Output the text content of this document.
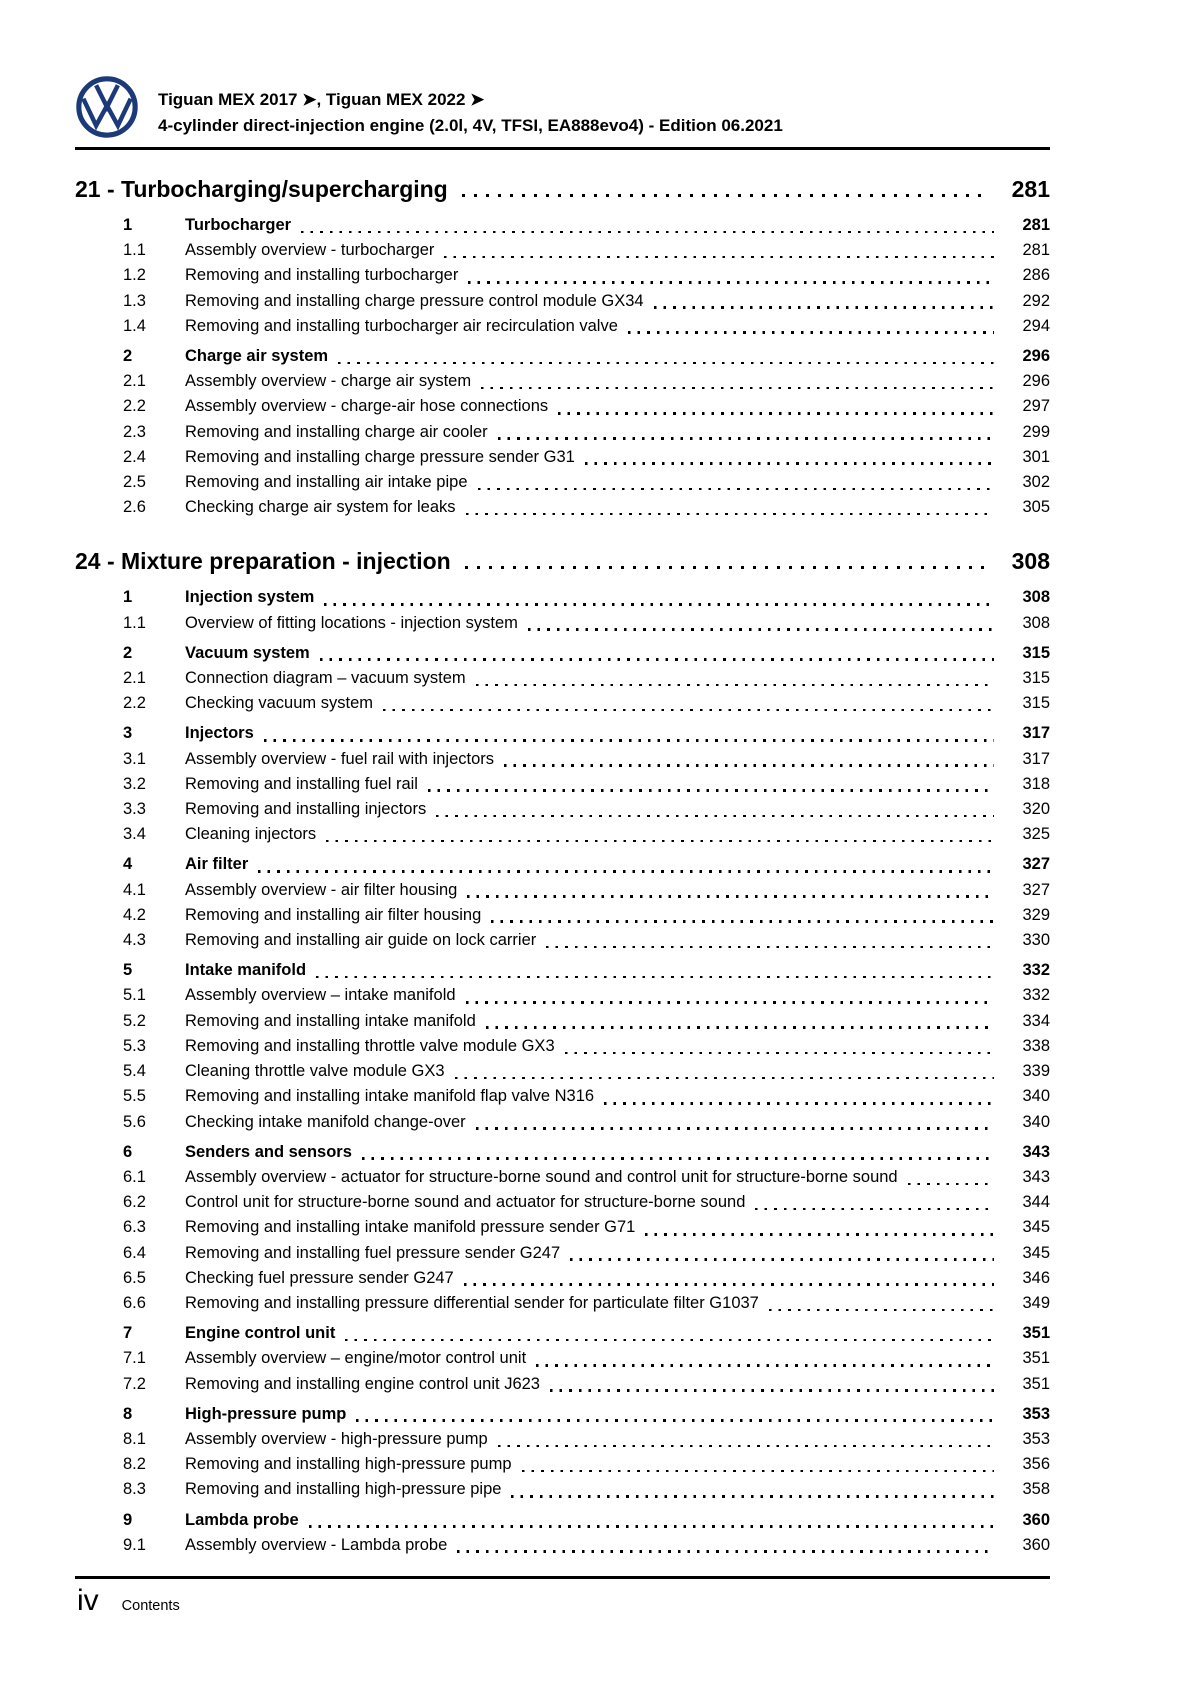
Tiguan MEX 2017 ➤, Tiguan MEX 2022 ➤
4-cylinder direct-injection engine (2.0l, 4V, TFSI, EA888evo4) - Edition 06.2021
21 - Turbocharging/supercharging	281
1	Turbocharger	281
1.1	Assembly overview - turbocharger	281
1.2	Removing and installing turbocharger	286
1.3	Removing and installing charge pressure control module GX34	292
1.4	Removing and installing turbocharger air recirculation valve	294
2	Charge air system	296
2.1	Assembly overview - charge air system	296
2.2	Assembly overview - charge-air hose connections	297
2.3	Removing and installing charge air cooler	299
2.4	Removing and installing charge pressure sender G31	301
2.5	Removing and installing air intake pipe	302
2.6	Checking charge air system for leaks	305
24 - Mixture preparation - injection	308
1	Injection system	308
1.1	Overview of fitting locations - injection system	308
2	Vacuum system	315
2.1	Connection diagram – vacuum system	315
2.2	Checking vacuum system	315
3	Injectors	317
3.1	Assembly overview - fuel rail with injectors	317
3.2	Removing and installing fuel rail	318
3.3	Removing and installing injectors	320
3.4	Cleaning injectors	325
4	Air filter	327
4.1	Assembly overview - air filter housing	327
4.2	Removing and installing air filter housing	329
4.3	Removing and installing air guide on lock carrier	330
5	Intake manifold	332
5.1	Assembly overview – intake manifold	332
5.2	Removing and installing intake manifold	334
5.3	Removing and installing throttle valve module GX3	338
5.4	Cleaning throttle valve module GX3	339
5.5	Removing and installing intake manifold flap valve N316	340
5.6	Checking intake manifold change-over	340
6	Senders and sensors	343
6.1	Assembly overview - actuator for structure-borne sound and control unit for structure-borne sound	343
6.2	Control unit for structure-borne sound and actuator for structure-borne sound	344
6.3	Removing and installing intake manifold pressure sender G71	345
6.4	Removing and installing fuel pressure sender G247	345
6.5	Checking fuel pressure sender G247	346
6.6	Removing and installing pressure differential sender for particulate filter G1037	349
7	Engine control unit	351
7.1	Assembly overview – engine/motor control unit	351
7.2	Removing and installing engine control unit J623	351
8	High-pressure pump	353
8.1	Assembly overview - high-pressure pump	353
8.2	Removing and installing high-pressure pump	356
8.3	Removing and installing high-pressure pipe	358
9	Lambda probe	360
9.1	Assembly overview - Lambda probe	360
iv Contents
